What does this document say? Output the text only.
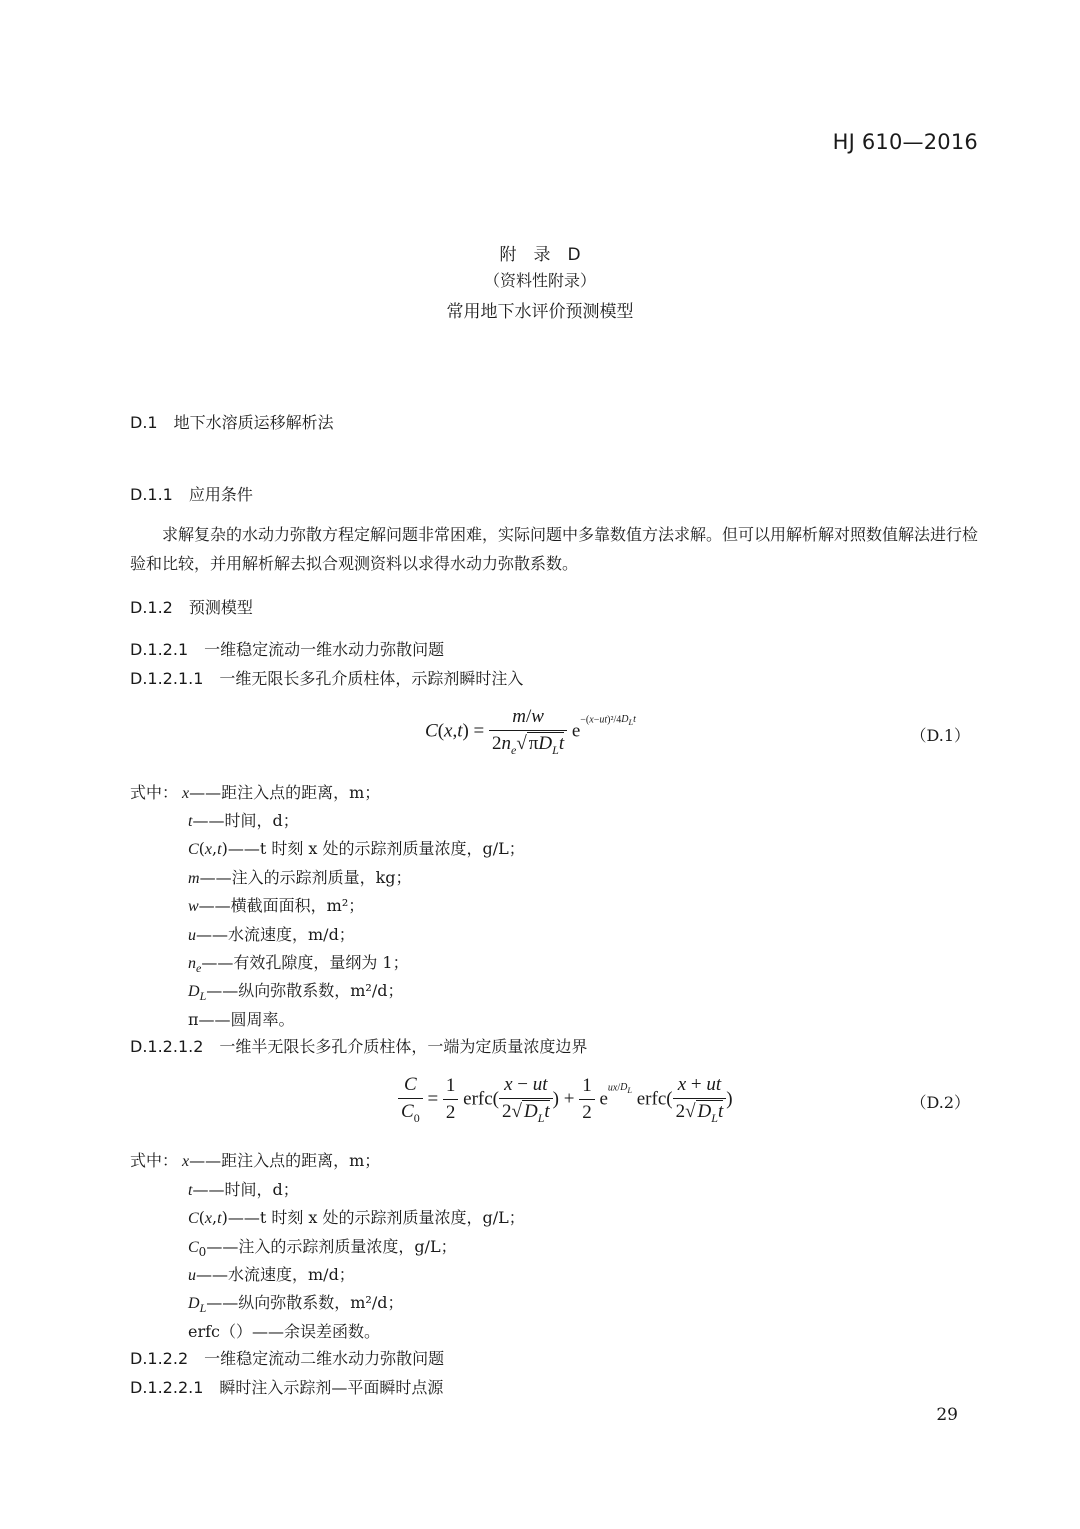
HJ 610—2016
附　录　D
（资料性附录）
常用地下水评价预测模型
D.1 地下水溶质运移解析法
D.1.1 应用条件
求解复杂的水动力弥散方程定解问题非常困难，实际问题中多靠数值方法求解。但可以用解析解对照数值解法进行检验和比较，并用解析解去拟合观测资料以求得水动力弥散系数。
D.1.2 预测模型
D.1.2.1 一维稳定流动一维水动力弥散问题
D.1.2.1.1 一维无限长多孔介质柱体，示踪剂瞬时注入
$C(x,t) = \frac{m/w}{2n_e√ \pi D_Lt} e^{-(x-ut)^2/4D_Lt}$
（D.1）
式中： x——距注入点的距离，m；
t——时间，d；
C(x,t)——t 时刻 x 处的示踪剂质量浓度，g/L；
m——注入的示踪剂质量，kg；
w——横截面面积，m²；
u——水流速度，m/d；
$n_e——$有效孔隙度，量纲为 1；
$D_L——$纵向弥散系数，m²/d；
π——圆周率。
D.1.2.1.2 一维半无限长多孔介质柱体，一端为定质量浓度边界
$\frac{C}{C_0} = \frac{1}{2}$ erfc( $\frac{x - ut}{2√ D_Lt}$ ) + $\frac{1}{2} e^{ux/D_L}$ erfc( $\frac{x + ut}{2√ D_Lt}$ )	（D.2）
式中： x——距注入点的距离，m；
t——时间，d；
C(x,t)——t 时刻 x 处的示踪剂质量浓度，g/L；
$C_0——$注入的示踪剂质量浓度，g/L；
u——水流速度，m/d；
$D_L——$纵向弥散系数，m²/d；
erfc（）——余误差函数。
D.1.2.2 一维稳定流动二维水动力弥散问题
D.1.2.2.1 瞬时注入示踪剂—平面瞬时点源
29
